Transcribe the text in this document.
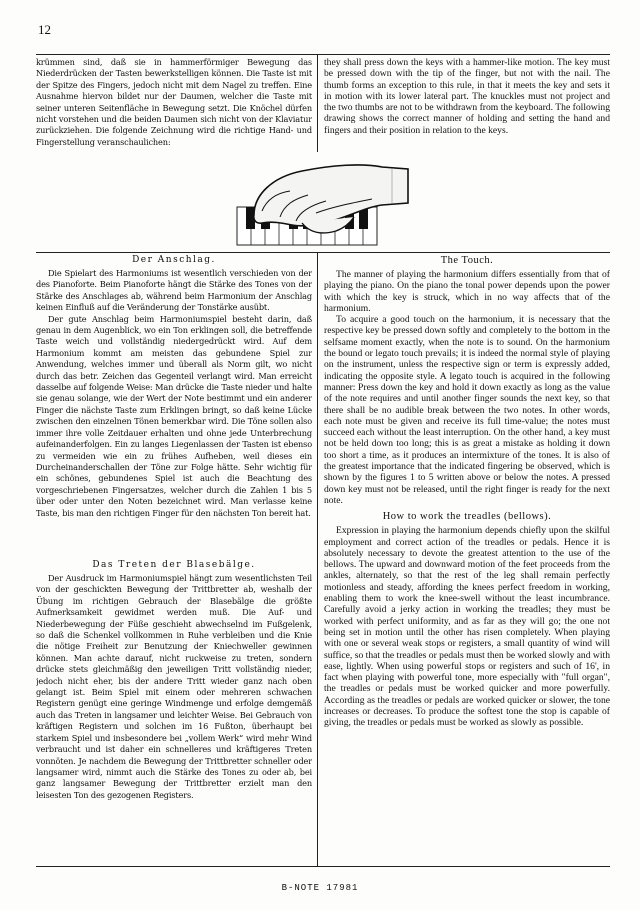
12

krümmen sind, daß sie in hammerförmiger Bewegung das Niederdrücken der Tasten bewerkstelligen können. Die Taste ist mit der Spitze des Fingers, jedoch nicht mit dem Nagel zu treffen. Eine Ausnahme hiervon bildet nur der Daumen, welcher die Taste mit seiner unteren Seitenfläche in Bewegung setzt. Die Knöchel dürfen nicht vorstehen und die beiden Daumen sich nicht von der Klaviatur zurückziehen. Die folgende Zeichnung wird die richtige Hand- und Fingerstellung veranschaulichen:

they shall press down the keys with a hammer-like motion. The key must be pressed down with the tip of the finger, but not with the nail. The thumb forms an exception to this rule, in that it meets the key and sets it in motion with its lower lateral part. The knuckles must not project and the two thumbs are not to be withdrawn from the keyboard. The following drawing shows the correct manner of holding and setting the hand and fingers and their position in relation to the keys.

Der Anschlag.

Die Spielart des Harmoniums ist wesentlich verschieden von der des Pianoforte. Beim Pianoforte hängt die Stärke des Tones von der Stärke des Anschlages ab, während beim Harmonium der Anschlag keinen Einfluß auf die Veränderung der Tonstärke ausübt.

Der gute Anschlag beim Harmoniumspiel besteht darin, daß genau in dem Augenblick, wo ein Ton erklingen soll, die betreffende Taste weich und vollständig niedergedrückt wird. Auf dem Harmonium kommt am meisten das gebundene Spiel zur Anwendung, welches immer und überall als Norm gilt, wo nicht durch das betr. Zeichen das Gegenteil verlangt wird. Man erreicht dasselbe auf folgende Weise: Man drücke die Taste nieder und halte sie genau solange, wie der Wert der Note bestimmt und ein anderer Finger die nächste Taste zum Erklingen bringt, so daß keine Lücke zwischen den einzelnen Tönen bemerkbar wird. Die Töne sollen also immer ihre volle Zeitdauer erhalten und ohne jede Unterbrechung aufeinanderfolgen. Ein zu langes Liegenlassen der Tasten ist ebenso zu vermeiden wie ein zu frühes Aufheben, weil dieses ein Durcheinanderschallen der Töne zur Folge hätte. Sehr wichtig für ein schönes, gebundenes Spiel ist auch die Beachtung des vorgeschriebenen Fingersatzes, welcher durch die Zahlen 1 bis 5 über oder unter den Noten bezeichnet wird. Man verlasse keine Taste, bis man den richtigen Finger für den nächsten Ton bereit hat.

Das Treten der Blasebälge.

Der Ausdruck im Harmoniumspiel hängt zum wesentlichsten Teil von der geschickten Bewegung der Trittbretter ab, weshalb der Übung im richtigen Gebrauch der Blasebälge die größte Aufmerksamkeit gewidmet werden muß. Die Auf- und Niederbewegung der Füße geschieht abwechselnd im Fußgelenk, so daß die Schenkel vollkommen in Ruhe verbleiben und die Knie die nötige Freiheit zur Benutzung der Kniechweller gewinnen können. Man achte darauf, nicht ruckweise zu treten, sondern drücke stets gleichmäßig den jeweiligen Tritt vollständig nieder, jedoch nicht eher, bis der andere Tritt wieder ganz nach oben gelangt ist. Beim Spiel mit einem oder mehreren schwachen Registern genügt eine geringe Windmenge und erfolge demgemäß auch das Treten in langsamer und leichter Weise. Bei Gebrauch von kräftigen Registern und solchen im 16 Fußton, überhaupt bei starkem Spiel und insbesondere bei „vollem Werk“ wird mehr Wind verbraucht und ist daher ein schnelleres und kräftigeres Treten vonnöten. Je nachdem die Bewegung der Trittbretter schneller oder langsamer wird, nimmt auch die Stärke des Tones zu oder ab, bei ganz langsamer Bewegung der Trittbretter erzielt man den leisesten Ton des gezogenen Registers.

The Touch.

The manner of playing the harmonium differs essentially from that of playing the piano. On the piano the tonal power depends upon the power with which the key is struck, which in no way affects that of the harmonium.

To acquire a good touch on the harmonium, it is necessary that the respective key be pressed down softly and completely to the bottom in the selfsame moment exactly, when the note is to sound. On the harmonium the bound or legato touch prevails; it is indeed the normal style of playing on the instrument, unless the respective sign or term is expressly added, indicating the opposite style. A legato touch is acquired in the following manner: Press down the key and hold it down exactly as long as the value of the note requires and until another finger sounds the next key, so that there shall be no audible break between the two notes. In other words, each note must be given and receive its full time-value; the notes must succeed each without the least interruption. On the other hand, a key must not be held down too long; this is as great a mistake as holding it down too short a time, as it produces an intermixture of the tones. It is also of the greatest importance that the indicated fingering be observed, which is shown by the figures 1 to 5 written above or below the notes. A pressed down key must not be released, until the right finger is ready for the next note.

How to work the treadles (bellows).

Expression in playing the harmonium depends chiefly upon the skilful employment and correct action of the treadles or pedals. Hence it is absolutely necessary to devote the greatest attention to the use of the bellows. The upward and downward motion of the feet proceeds from the ankles, alternately, so that the rest of the leg shall remain perfectly motionless and steady, affording the knees perfect freedom in working, enabling them to work the knee-swell without the least incumbrance. Carefully avoid a jerky action in working the treadles; they must be worked with perfect uniformity, and as far as they will go; the one not being set in motion until the other has risen completely. When playing with one or several weak stops or registers, a small quantity of wind will suffice, so that the treadles or pedals must then be worked slowly and with ease, lightly. When using powerful stops or registers and such of 16', in fact when playing with powerful tone, more especially with "full organ", the treadles or pedals must be worked quicker and more powerfully. According as the treadles or pedals are worked quicker or slower, the tone increases or decreases. To produce the softest tone the stop is capable of giving, the treadles or pedals must be worked as slowly as possible.

B-NOTE 17981
